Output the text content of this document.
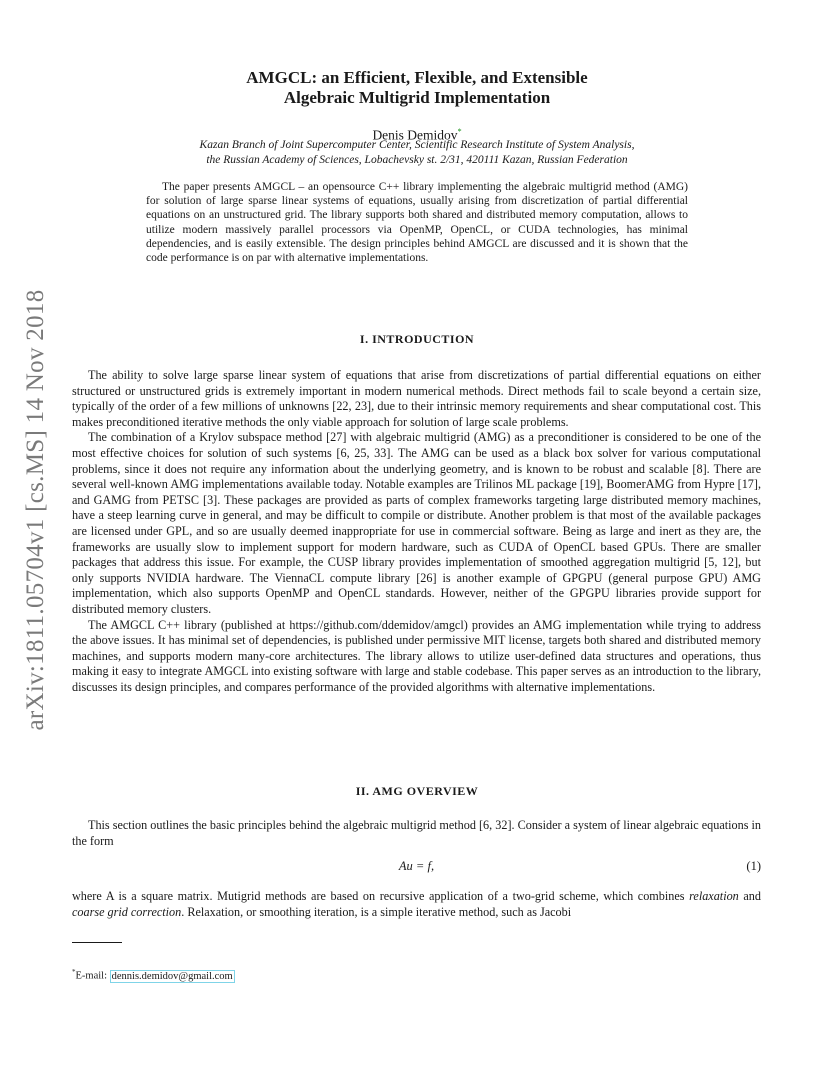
arXiv:1811.05704v1 [cs.MS] 14 Nov 2018
AMGCL: an Efficient, Flexible, and Extensible
Algebraic Multigrid Implementation
Denis Demidov*
Kazan Branch of Joint Supercomputer Center, Scientific Research Institute of System Analysis,
the Russian Academy of Sciences, Lobachevsky st. 2/31, 420111 Kazan, Russian Federation
The paper presents AMGCL – an opensource C++ library implementing the algebraic multigrid method (AMG) for solution of large sparse linear systems of equations, usually arising from discretization of partial differential equations on an unstructured grid. The library supports both shared and distributed memory computation, allows to utilize modern massively parallel processors via OpenMP, OpenCL, or CUDA technologies, has minimal dependencies, and is easily extensible. The design principles behind AMGCL are discussed and it is shown that the code performance is on par with alternative implementations.
I. INTRODUCTION

The ability to solve large sparse linear system of equations that arise from discretizations of partial differential equations on either structured or unstructured grids is extremely important in modern numerical methods. Direct methods fail to scale beyond a certain size, typically of the order of a few millions of unknowns [22, 23], due to their intrinsic memory requirements and shear computational cost. This makes preconditioned iterative methods the only viable approach for solution of large scale problems.

The combination of a Krylov subspace method [27] with algebraic multigrid (AMG) as a preconditioner is considered to be one of the most effective choices for solution of such systems [6, 25, 33]. The AMG can be used as a black box solver for various computational problems, since it does not require any information about the underlying geometry, and is known to be robust and scalable [8]. There are several well-known AMG implementations available today. Notable examples are Trilinos ML package [19], BoomerAMG from Hypre [17], and GAMG from PETSC [3]. These packages are provided as parts of complex frameworks targeting large distributed memory machines, have a steep learning curve in general, and may be difficult to compile or distribute. Another problem is that most of the available packages are licensed under GPL, and so are usually deemed inappropriate for use in commercial software. Being as large and inert as they are, the frameworks are usually slow to implement support for modern hardware, such as CUDA of OpenCL based GPUs. There are smaller packages that address this issue. For example, the CUSP library provides implementation of smoothed aggregation multigrid [5, 12], but only supports NVIDIA hardware. The ViennaCL compute library [26] is another example of GPGPU (general purpose GPU) AMG implementation, which also supports OpenMP and OpenCL standards. However, neither of the GPGPU libraries provide support for distributed memory clusters.

The AMGCL C++ library (published at https://github.com/ddemidov/amgcl) provides an AMG implementation while trying to address the above issues. It has minimal set of dependencies, is published under permissive MIT license, targets both shared and distributed memory machines, and supports modern many-core architectures. The library allows to utilize user-defined data structures and operations, thus making it easy to integrate AMGCL into existing software with large and stable codebase. This paper serves as an introduction to the library, discusses its design principles, and compares performance of the provided algorithms with alternative implementations.

II. AMG OVERVIEW

This section outlines the basic principles behind the algebraic multigrid method [6, 32]. Consider a system of linear algebraic equations in the form

Au = f,	(1)

where A is a square matrix. Mutigrid methods are based on recursive application of a two-grid scheme, which combines relaxation and coarse grid correction. Relaxation, or smoothing iteration, is a simple iterative method, such as Jacobi

*E-mail: dennis.demidov@gmail.com
